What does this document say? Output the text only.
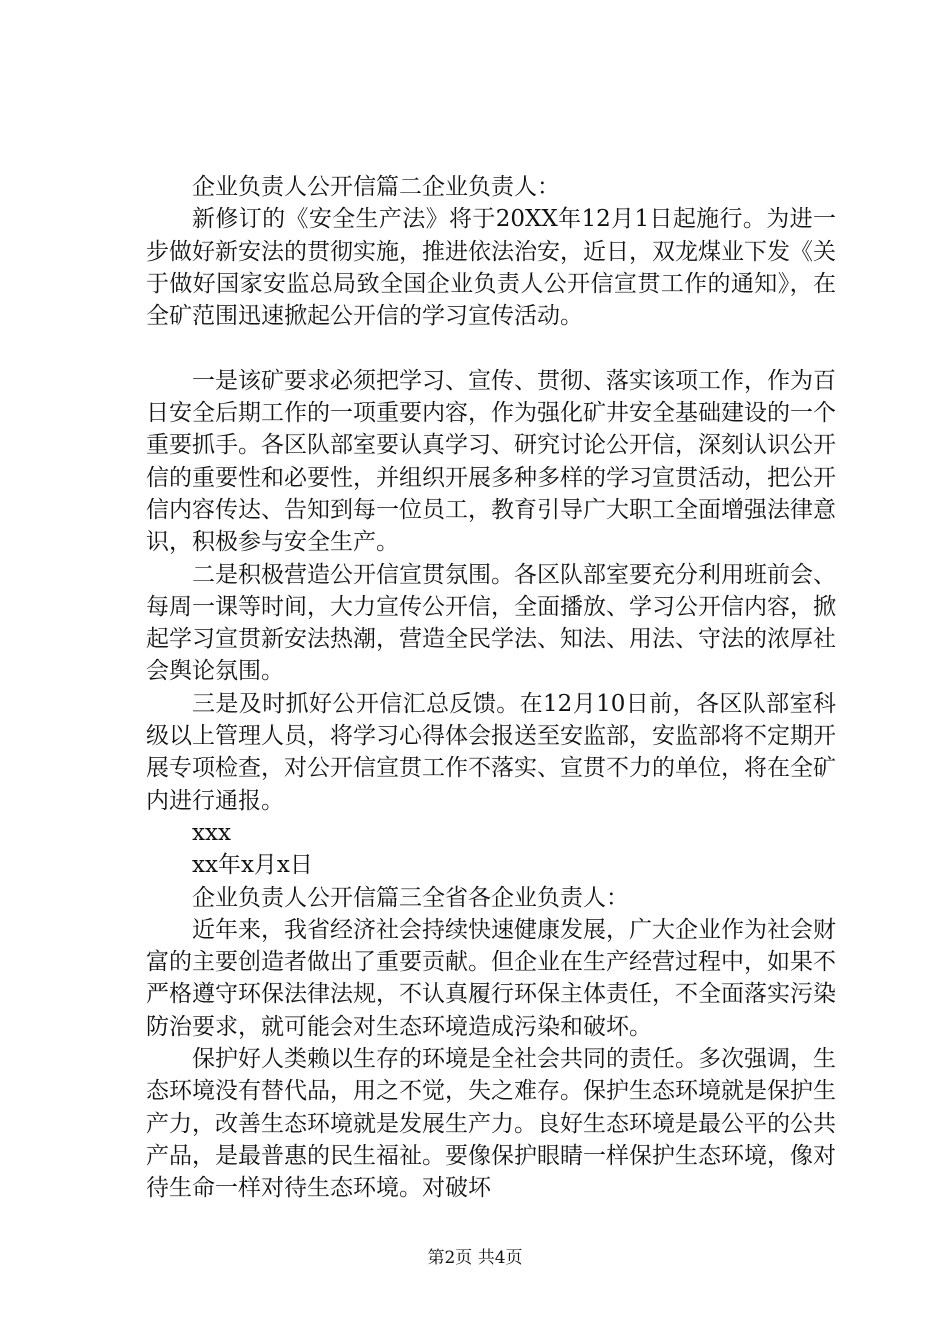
企业负责人公开信篇二企业负责人：

新修订的《安全生产法》将于20XX年12月1日起施行。为进一步做好新安法的贯彻实施，推进依法治安，近日，双龙煤业下发《关于做好国家安监总局致全国企业负责人公开信宣贯工作的通知》，在全矿范围迅速掀起公开信的学习宣传活动。

一是该矿要求必须把学习、宣传、贯彻、落实该项工作，作为百日安全后期工作的一项重要内容，作为强化矿井安全基础建设的一个重要抓手。各区队部室要认真学习、研究讨论公开信，深刻认识公开信的重要性和必要性，并组织开展多种多样的学习宣贯活动，把公开信内容传达、告知到每一位员工，教育引导广大职工全面增强法律意识，积极参与安全生产。

二是积极营造公开信宣贯氛围。各区队部室要充分利用班前会、每周一课等时间，大力宣传公开信，全面播放、学习公开信内容，掀起学习宣贯新安法热潮，营造全民学法、知法、用法、守法的浓厚社会舆论氛围。

三是及时抓好公开信汇总反馈。在12月10日前，各区队部室科级以上管理人员，将学习心得体会报送至安监部，安监部将不定期开展专项检查，对公开信宣贯工作不落实、宣贯不力的单位，将在全矿内进行通报。

xxx

xx年x月x日

企业负责人公开信篇三全省各企业负责人：

近年来，我省经济社会持续快速健康发展，广大企业作为社会财富的主要创造者做出了重要贡献。但企业在生产经营过程中，如果不严格遵守环保法律法规，不认真履行环保主体责任，不全面落实污染防治要求，就可能会对生态环境造成污染和破坏。

保护好人类赖以生存的环境是全社会共同的责任。多次强调，生态环境没有替代品，用之不觉，失之难存。保护生态环境就是保护生产力，改善生态环境就是发展生产力。良好生态环境是最公平的公共产品，是最普惠的民生福祉。要像保护眼睛一样保护生态环境，像对待生命一样对待生态环境。对破坏

第2页 共4页
